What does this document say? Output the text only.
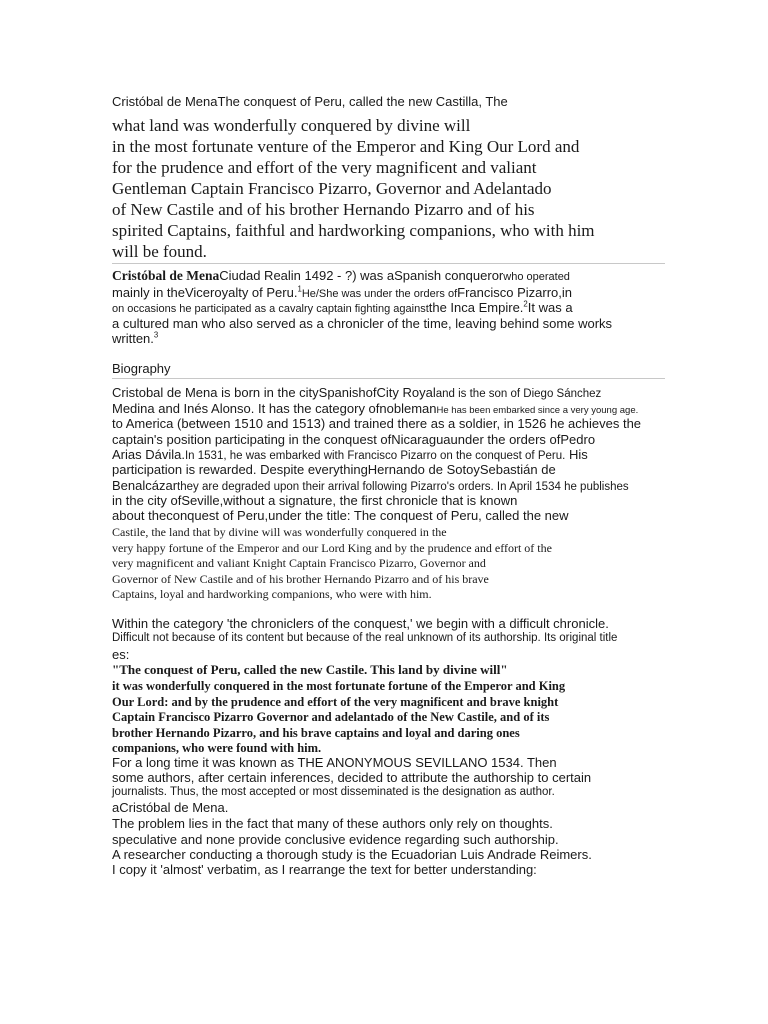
Cristóbal de MenaThe conquest of Peru, called the new Castilla, The
what land was wonderfully conquered by divine will
in the most fortunate venture of the Emperor and King Our Lord and
for the prudence and effort of the very magnificent and valiant
Gentleman Captain Francisco Pizarro, Governor and Adelantado
of New Castile and of his brother Hernando Pizarro and of his
spirited Captains, faithful and hardworking companions, who with him
will be found.
Cristóbal de MenaCiudad Realin 1492 - ?) was aSpanish conquerorwho operated
mainly in theViceroyalty of Peru.$^1$He/She was under the orders ofFrancisco Pizarro,in
on occasions he participated as a cavalry captain fighting againstthe Inca Empire.$^2$It was a
a cultured man who also served as a chronicler of the time, leaving behind some works
written.$^3$
Biography
Cristobal de Mena is born in the citySpanishofCity Royaland is the son of Diego Sánchez
Medina and Inés Alonso. It has the category ofnoblemanHe has been embarked since a very young age.
to America (between 1510 and 1513) and trained there as a soldier, in 1526 he achieves the
captain's position participating in the conquest ofNicaraguaunder the orders ofPedro
Arias Dávila.In 1531, he was embarked with Francisco Pizarro on the conquest of Peru. His
participation is rewarded. Despite everythingHernando de SotoySebastián de
Benalcázarthey are degraded upon their arrival following Pizarro's orders. In April 1534 he publishes
in the city ofSeville,without a signature, the first chronicle that is known
about theconquest of Peru,under the title: The conquest of Peru, called the new
Castile, the land that by divine will was wonderfully conquered in the
very happy fortune of the Emperor and our Lord King and by the prudence and effort of the
very magnificent and valiant Knight Captain Francisco Pizarro, Governor and
Governor of New Castile and of his brother Hernando Pizarro and of his brave
Captains, loyal and hardworking companions, who were with him.
Within the category 'the chroniclers of the conquest,' we begin with a difficult chronicle.
Difficult not because of its content but because of the real unknown of its authorship. Its original title
es:
"The conquest of Peru, called the new Castile. This land by divine will"
it was wonderfully conquered in the most fortunate fortune of the Emperor and King
Our Lord: and by the prudence and effort of the very magnificent and brave knight
Captain Francisco Pizarro Governor and adelantado of the New Castile, and of its
brother Hernando Pizarro, and his brave captains and loyal and daring ones
companions, who were found with him.
For a long time it was known as THE ANONYMOUS SEVILLANO 1534. Then
some authors, after certain inferences, decided to attribute the authorship to certain
journalists. Thus, the most accepted or most disseminated is the designation as author.
aCristóbal de Mena.
The problem lies in the fact that many of these authors only rely on thoughts.
speculative and none provide conclusive evidence regarding such authorship.
A researcher conducting a thorough study is the Ecuadorian Luis Andrade Reimers.
I copy it 'almost' verbatim, as I rearrange the text for better understanding:
